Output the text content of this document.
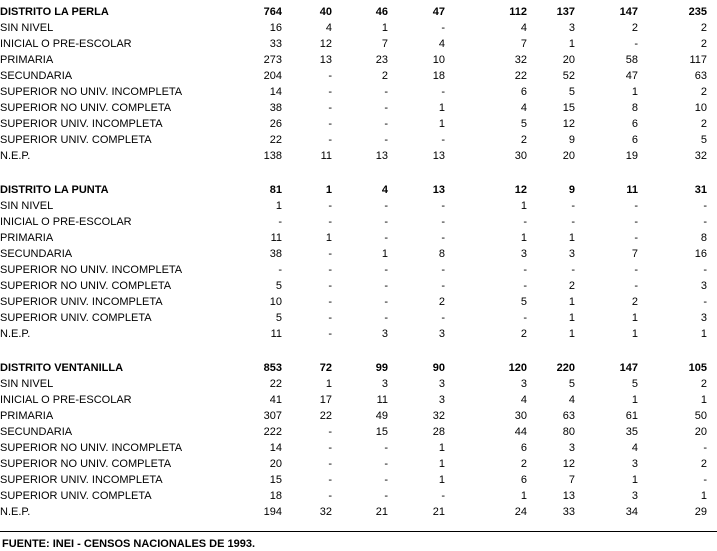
DISTRITO LA PERLA	764	40	46	47	112	137	147	235	
SIN NIVEL	16	4	1	-	4	3	2	2	
INICIAL O PRE-ESCOLAR	33	12	7	4	7	1	-	2	
PRIMARIA	273	13	23	10	32	20	58	117	
SECUNDARIA	204	-	2	18	22	52	47	63	
SUPERIOR NO UNIV. INCOMPLETA	14	-	-	-	6	5	1	2	
SUPERIOR NO UNIV. COMPLETA	38	-	-	1	4	15	8	10	
SUPERIOR UNIV. INCOMPLETA	26	-	-	1	5	12	6	2	
SUPERIOR UNIV. COMPLETA	22	-	-	-	2	9	6	5	
N.E.P.	138	11	13	13	30	20	19	32	
DISTRITO LA PUNTA	81	1	4	13	12	9	11	31	
SIN NIVEL	1	-	-	-	1	-	-	-	
INICIAL O PRE-ESCOLAR	-	-	-	-	-	-	-	-	
PRIMARIA	11	1	-	-	1	1	-	8	
SECUNDARIA	38	-	1	8	3	3	7	16	
SUPERIOR NO UNIV. INCOMPLETA	-	-	-	-	-	-	-	-	
SUPERIOR NO UNIV. COMPLETA	5	-	-	-	-	2	-	3	
SUPERIOR UNIV. INCOMPLETA	10	-	-	2	5	1	2	-	
SUPERIOR UNIV. COMPLETA	5	-	-	-	-	1	1	3	
N.E.P.	11	-	3	3	2	1	1	1	
DISTRITO VENTANILLA	853	72	99	90	120	220	147	105	
SIN NIVEL	22	1	3	3	3	5	5	2	
INICIAL O PRE-ESCOLAR	41	17	11	3	4	4	1	1	
PRIMARIA	307	22	49	32	30	63	61	50	
SECUNDARIA	222	-	15	28	44	80	35	20	
SUPERIOR NO UNIV. INCOMPLETA	14	-	-	1	6	3	4	-	
SUPERIOR NO UNIV. COMPLETA	20	-	-	1	2	12	3	2	
SUPERIOR UNIV. INCOMPLETA	15	-	-	1	6	7	1	-	
SUPERIOR UNIV. COMPLETA	18	-	-	-	1	13	3	1	
N.E.P.	194	32	21	21	24	33	34	29	
FUENTE: INEI - CENSOS NACIONALES DE 1993.
